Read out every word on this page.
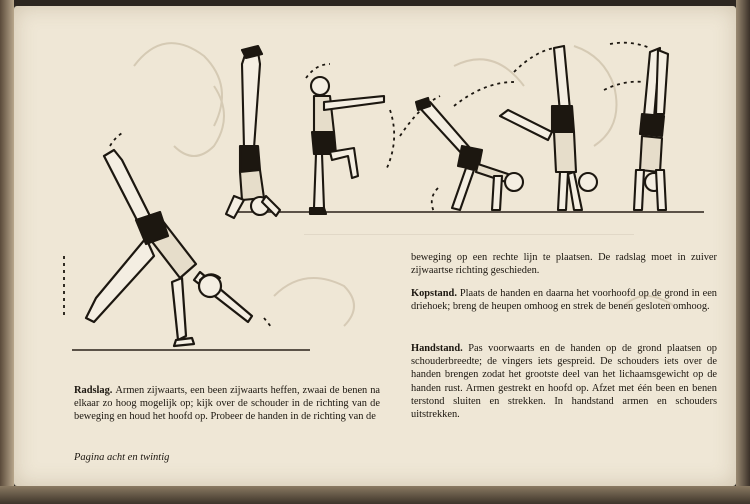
Radslag. Armen zijwaarts, een been zijwaarts heffen, zwaai de benen na elkaar zo hoog mogelijk op; kijk over de schouder in de richting van de beweging en houd het hoofd op. Probeer de handen in de richting van de

beweging op een rechte lijn te plaatsen. De radslag moet in zuiver zijwaartse richting geschieden.

Kopstand. Plaats de handen en daarna het voorhoofd op de grond in een driehoek; breng de heupen omhoog en strek de benen gesloten omhoog.

Handstand. Pas voorwaarts en de handen op de grond plaatsen op schouderbreedte; de vingers iets gespreid. De schouders iets over de handen brengen zodat het grootste deel van het lichaamsgewicht op de handen rust. Armen gestrekt en hoofd op. Afzet met één been en benen terstond sluiten en strekken. In handstand armen en schouders uitstrekken.

Pagina acht en twintig
